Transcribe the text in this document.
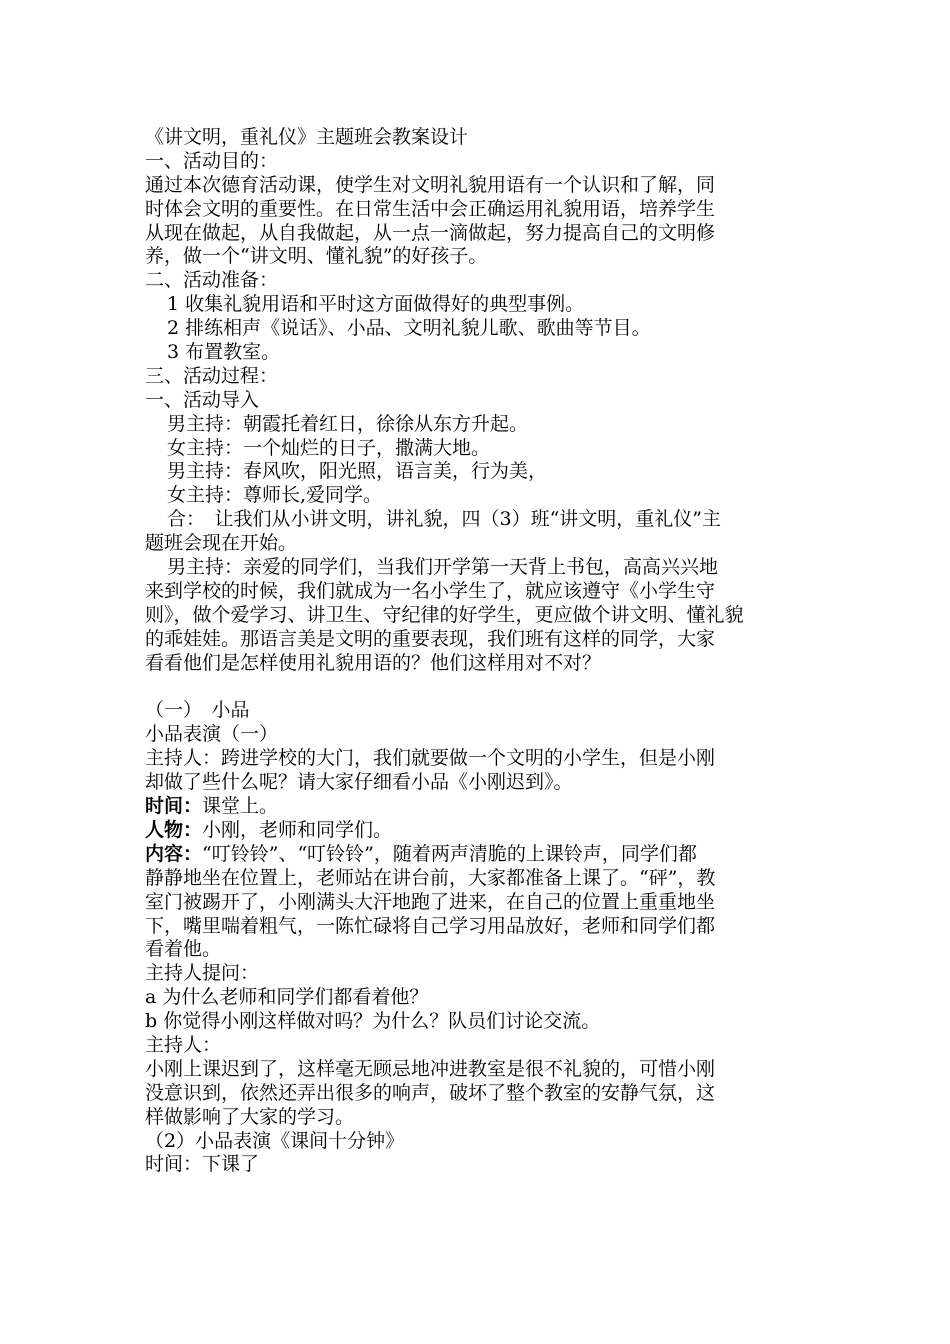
《讲文明，重礼仪》主题班会教案设计
一、活动目的：
通过本次德育活动课，使学生对文明礼貌用语有一个认识和了解，同
时体会文明的重要性。在日常生活中会正确运用礼貌用语，培养学生
从现在做起，从自我做起，从一点一滴做起，努力提高自己的文明修
养，做一个“讲文明、懂礼貌”的好孩子。
二、活动准备：
1 收集礼貌用语和平时这方面做得好的典型事例。
2 排练相声《说话》、小品、文明礼貌儿歌、歌曲等节目。
3 布置教室。
三、活动过程：
一、活动导入
男主持：朝霞托着红日，徐徐从东方升起。
女主持：一个灿烂的日子，撒满大地。
男主持：春风吹，阳光照，语言美，行为美，
女主持：尊师长,爱同学。
合：　让我们从小讲文明，讲礼貌，四（3）班“讲文明，重礼仪”主
题班会现在开始。
男主持：亲爱的同学们，当我们开学第一天背上书包，高高兴兴地
来到学校的时候，我们就成为一名小学生了，就应该遵守《小学生守
则》，做个爱学习、讲卫生、守纪律的好学生，更应做个讲文明、懂礼貌
的乖娃娃。那语言美是文明的重要表现，我们班有这样的同学，大家
看看他们是怎样使用礼貌用语的？他们这样用对不对？
（一）　小品
小品表演（一）
主持人：跨进学校的大门，我们就要做一个文明的小学生，但是小刚
却做了些什么呢？请大家仔细看小品《小刚迟到》。
时间：课堂上。
人物：小刚，老师和同学们。
内容：“叮铃铃”、“叮铃铃”，随着两声清脆的上课铃声，同学们都
静静地坐在位置上，老师站在讲台前，大家都准备上课了。“砰”，教
室门被踢开了，小刚满头大汗地跑了进来，在自己的位置上重重地坐
下，嘴里喘着粗气，一陈忙碌将自己学习用品放好，老师和同学们都
看着他。
主持人提问：
a 为什么老师和同学们都看着他？
b 你觉得小刚这样做对吗？为什么？队员们讨论交流。
主持人：
小刚上课迟到了，这样毫无顾忌地冲进教室是很不礼貌的，可惜小刚
没意识到，依然还弄出很多的响声，破坏了整个教室的安静气氛，这
样做影响了大家的学习。
（2）小品表演《课间十分钟》
时间：下课了
